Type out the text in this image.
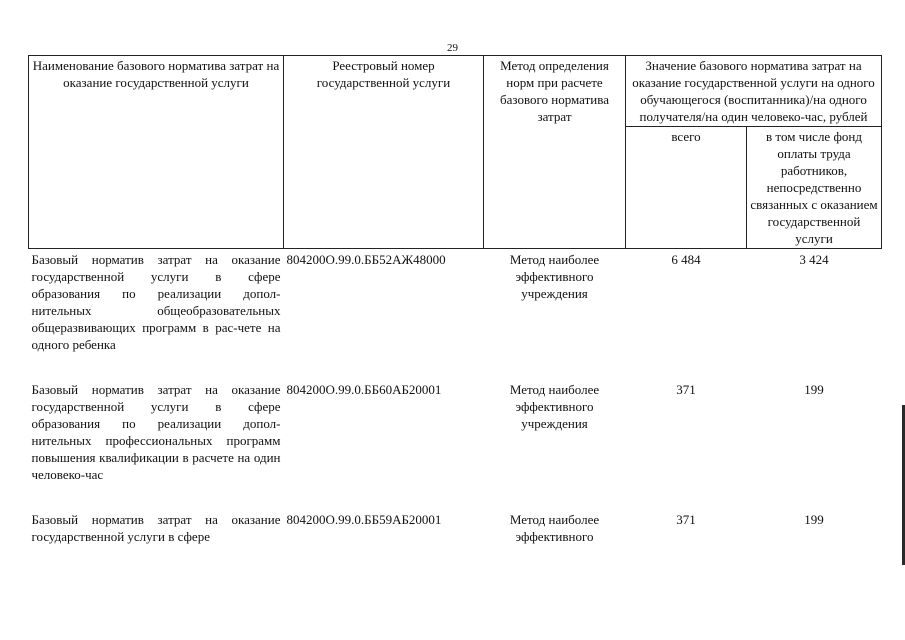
29
Наименование базового норматива затрат на оказание государственной услуги	Реестровый номер государственной услуги	Метод определения норм при расчете базового норматива затрат	Значение базового норматива затрат на оказание государственной услуги на одного обучающегося (воспитанника)/на одного получателя/на один человеко-час, рублей	
			всего	в том числе фонд оплаты труда работников, непосредственно связанных с оказанием государственной услуги
Базовый норматив затрат на оказание государственной услуги в сфере образования по реализации допол-нительных общеобразовательных общеразвивающих программ в рас-чете на одного ребенка	804200О.99.0.ББ52АЖ48000	Метод наиболее эффективного учреждения	6 484	3 424
Базовый норматив затрат на оказание государственной услуги в сфере образования по реализации допол-нительных профессиональных программ повышения квалификации в расчете на один человеко-час	804200О.99.0.ББ60АБ20001	Метод наиболее эффективного учреждения	371	199
Базовый норматив затрат на оказание государственной услуги в сфере	804200О.99.0.ББ59АБ20001	Метод наиболее эффективного	371	199
